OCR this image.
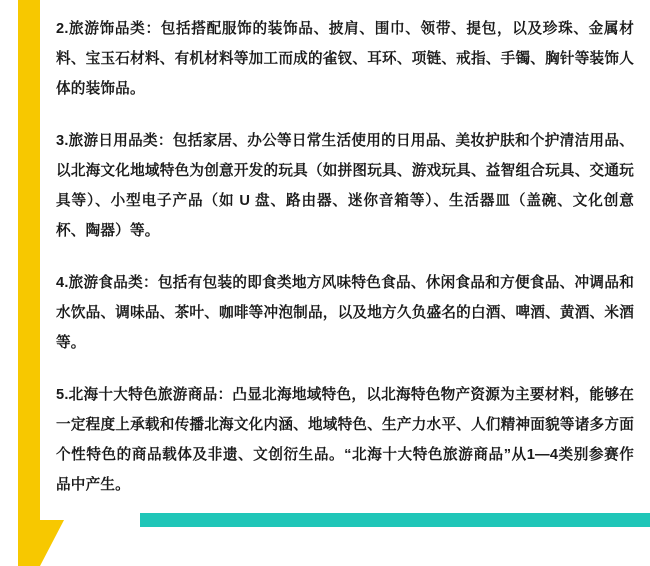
2.旅游饰品类：包括搭配服饰的装饰品、披肩、围巾、领带、提包，以及珍珠、金属材料、宝玉石材料、有机材料等加工而成的雀钗、耳环、项链、戒指、手镯、胸针等装饰人体的装饰品。

3.旅游日用品类：包括家居、办公等日常生活使用的日用品、美妆护肤和个护清洁用品、以北海文化地域特色为创意开发的玩具（如拼图玩具、游戏玩具、益智组合玩具、交通玩具等）、小型电子产品（如 U 盘、路由器、迷你音箱等）、生活器皿（盖碗、文化创意杯、陶器）等。

4.旅游食品类：包括有包装的即食类地方风味特色食品、休闲食品和方便食品、冲调品和水饮品、调味品、茶叶、咖啡等冲泡制品，以及地方久负盛名的白酒、啤酒、黄酒、米酒等。

5.北海十大特色旅游商品：凸显北海地域特色，以北海特色物产资源为主要材料，能够在一定程度上承载和传播北海文化内涵、地域特色、生产力水平、人们精神面貌等诸多方面个性特色的商品载体及非遗、文创衍生品。“北海十大特色旅游商品”从1—4类别参赛作品中产生。
